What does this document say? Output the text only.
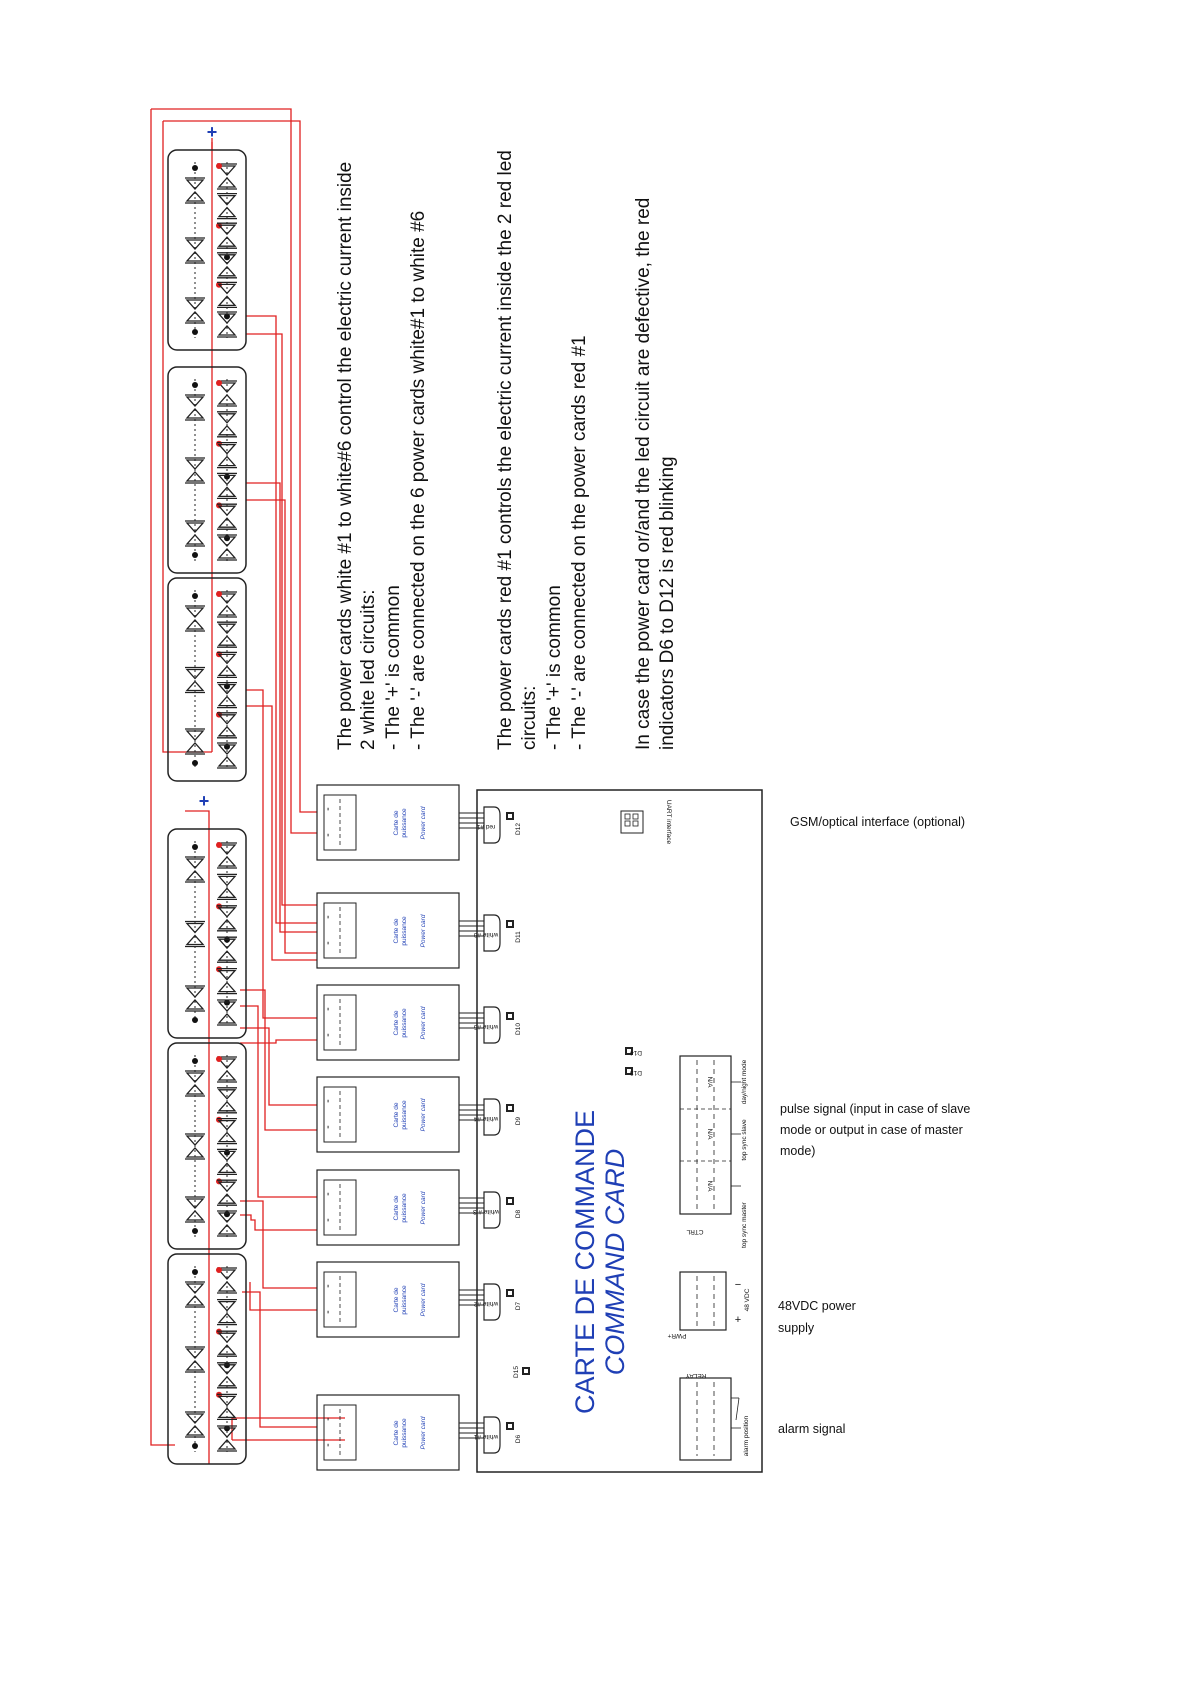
-
-	Carte de puissance Power card	white #1	D6
-
-	Carte de puissance Power card	white #2	D7
-
-	Carte de puissance Power card	white # 3 D8
-
-	Carte de puissance Power card	white #4	D9
-
-	Carte de puissance Power card	white #5	D10
-
-	Carte de puissance Power card	white #6	D11
-
-	Carte de puissance Power card	red #1	D12	UART interface
D13
D14
D15 CARTE DE COMMANDE COMMAND CARD
N/A
N/A
N/A
CTRL
day/night mode
top sync slave
top sync master
PWR+
+
−
48 VDC
RELAY
alarm position
+
+
The power cards white #1 to white#6 control the electric current inside 2 white led circuits: - The '+' is common - The '-' are connected on the 6 power cards white#1 to white #6	The power cards red #1 controls the electric current inside the 2 red led circuits: - The '+' is common - The '-' are connected on the power cards red #1 In case the power card or/and the led circuit are defective, the red indicators D6 to D12 is red blinking
GSM/optical interface (optional)
pulse signal (input in case of slave
mode or output in case of master
mode)
48VDC power
supply
alarm signal
